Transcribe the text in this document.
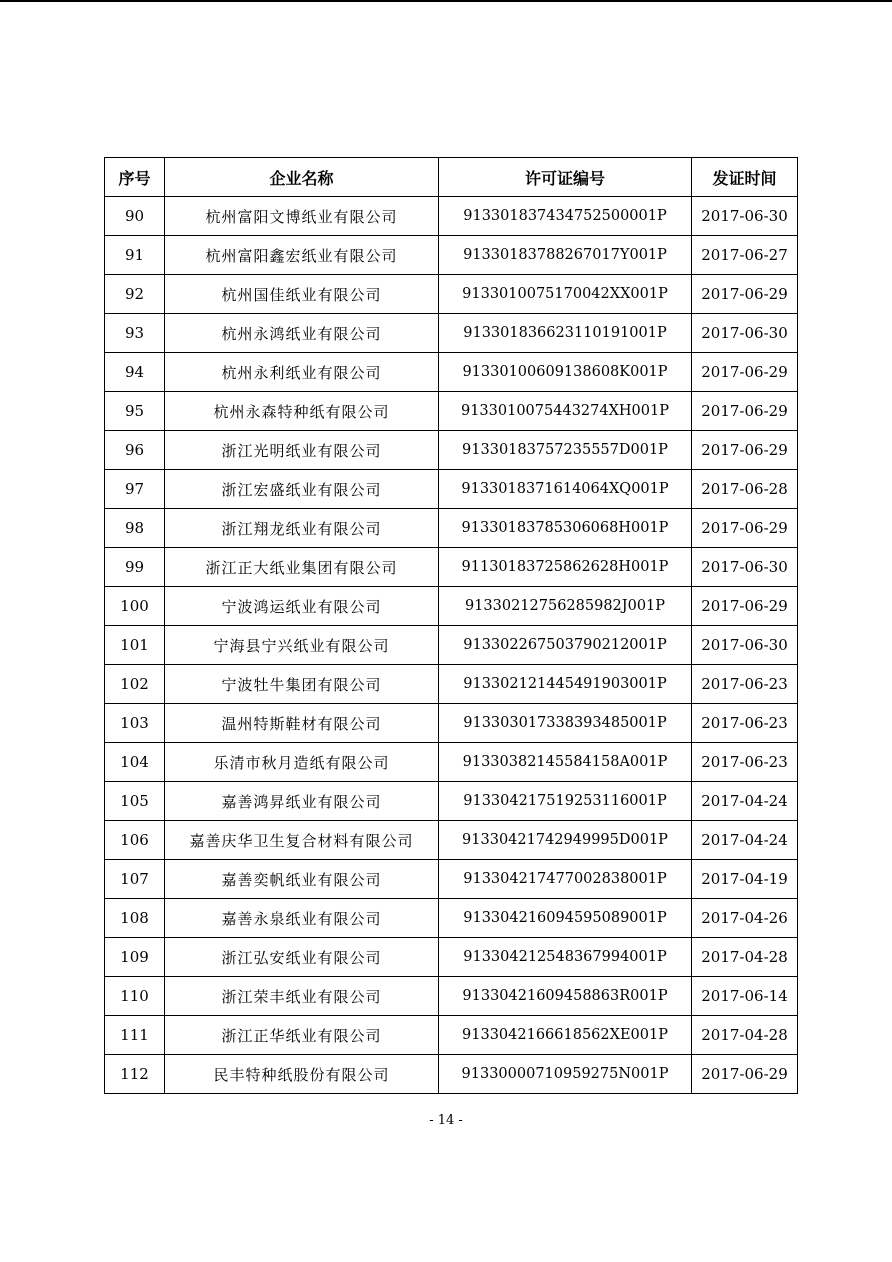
序号	企业名称	许可证编号	发证时间
90	杭州富阳文博纸业有限公司	913301837434752500001P	2017-06-30
91	杭州富阳鑫宏纸业有限公司	91330183788267017Y001P	2017-06-27
92	杭州国佳纸业有限公司	9133010075170042XX001P	2017-06-29
93	杭州永鸿纸业有限公司	913301836623110191001P	2017-06-30
94	杭州永利纸业有限公司	91330100609138608K001P	2017-06-29
95	杭州永森特种纸有限公司	9133010075443274XH001P	2017-06-29
96	浙江光明纸业有限公司	91330183757235557D001P	2017-06-29
97	浙江宏盛纸业有限公司	9133018371614064XQ001P	2017-06-28
98	浙江翔龙纸业有限公司	91330183785306068H001P	2017-06-29
99	浙江正大纸业集团有限公司	91130183725862628H001P	2017-06-30
100	宁波鸿运纸业有限公司	91330212756285982J001P	2017-06-29
101	宁海县宁兴纸业有限公司	913302267503790212001P	2017-06-30
102	宁波牡牛集团有限公司	913302121445491903001P	2017-06-23
103	温州特斯鞋材有限公司	913303017338393485001P	2017-06-23
104	乐清市秋月造纸有限公司	91330382145584158A001P	2017-06-23
105	嘉善鸿昇纸业有限公司	913304217519253116001P	2017-04-24
106	嘉善庆华卫生复合材料有限公司	91330421742949995D001P	2017-04-24
107	嘉善奕帆纸业有限公司	913304217477002838001P	2017-04-19
108	嘉善永泉纸业有限公司	913304216094595089001P	2017-04-26
109	浙江弘安纸业有限公司	913304212548367994001P	2017-04-28
110	浙江荣丰纸业有限公司	91330421609458863R001P	2017-06-14
111	浙江正华纸业有限公司	9133042166618562XE001P	2017-04-28
112	民丰特种纸股份有限公司	91330000710959275N001P	2017-06-29
- 14 -
